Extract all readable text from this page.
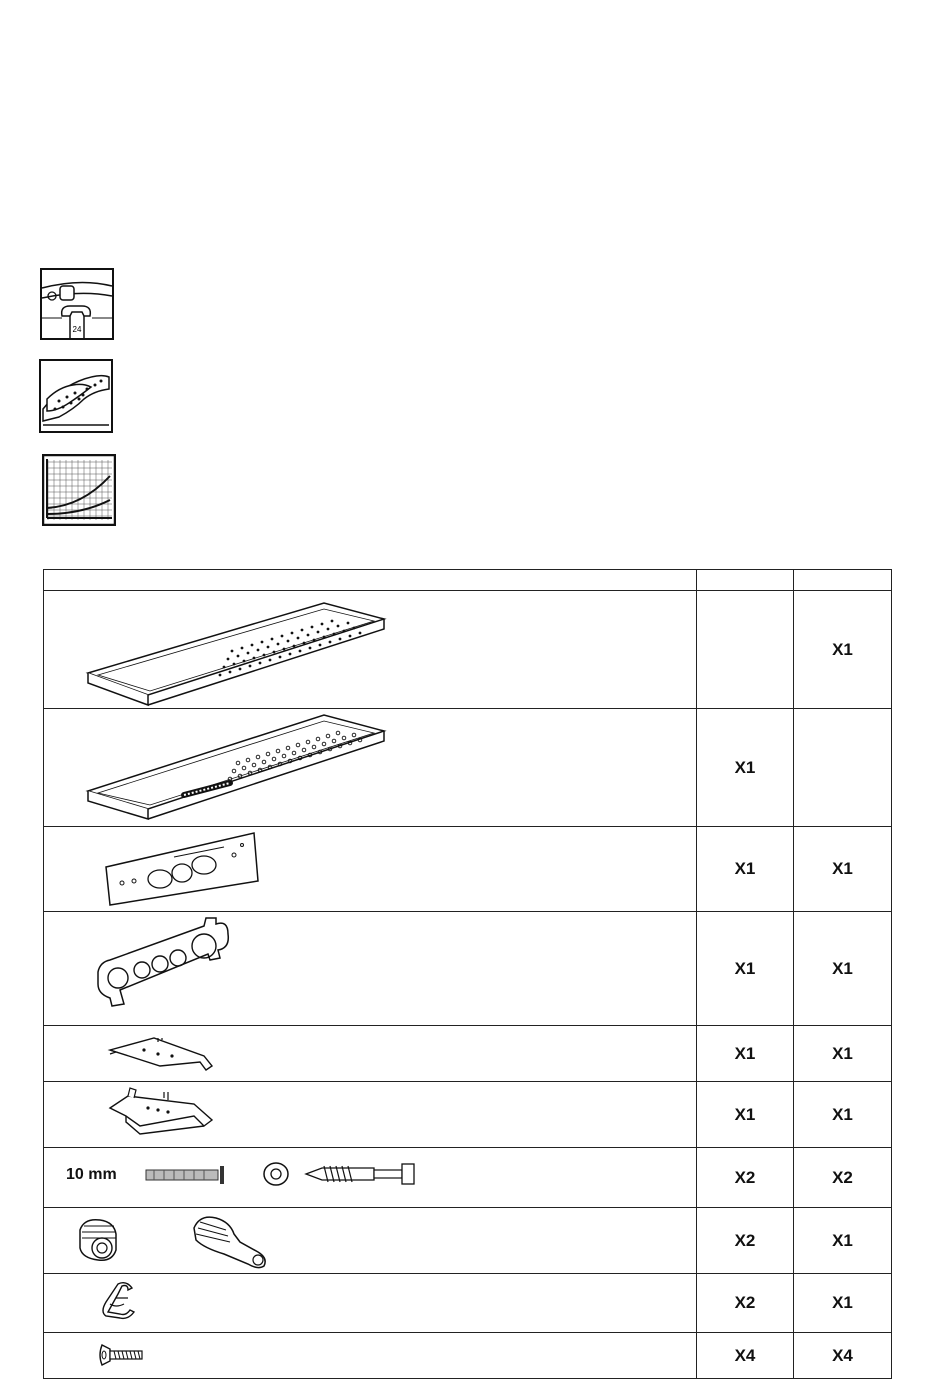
24

		X1

	X1	

	X1	X1

	X1	X1

	X1	X1

	X1	X1

10 mm	X2	X2

	X2	X1

	X2	X1

	X4	X4
